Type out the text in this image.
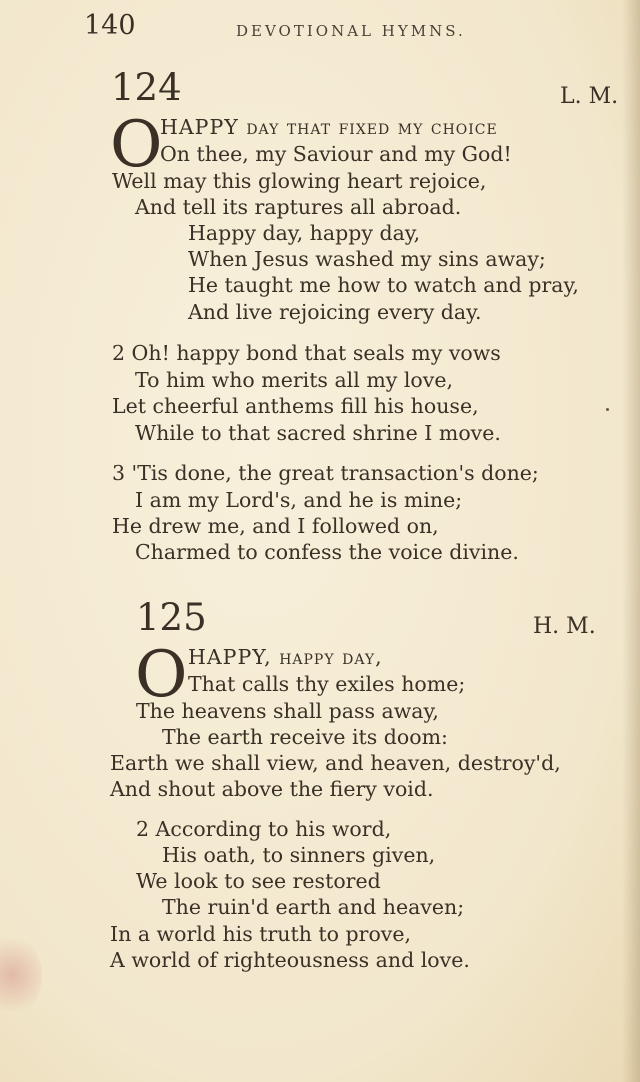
140	DEVOTIONAL HYMNS.
124	L. M.
O
HAPPY day that fixed my choice
On thee, my Saviour and my God!
Well may this glowing heart rejoice,
And tell its raptures all abroad.
Happy day, happy day,
When Jesus washed my sins away;
He taught me how to watch and pray,
And live rejoicing every day.
2 Oh! happy bond that seals my vows
To him who merits all my love,
Let cheerful anthems fill his house,
While to that sacred shrine I move.
3 'Tis done, the great transaction's done;
I am my Lord's, and he is mine;
He drew me, and I followed on,
Charmed to confess the voice divine.
125	H. M.
O HAPPY, happy day,
That calls thy exiles home;
The heavens shall pass away,
The earth receive its doom:
Earth we shall view, and heaven, destroy'd,
And shout above the fiery void.
2 According to his word,
His oath, to sinners given,
We look to see restored
The ruin'd earth and heaven;
In a world his truth to prove,
A world of righteousness and love.
